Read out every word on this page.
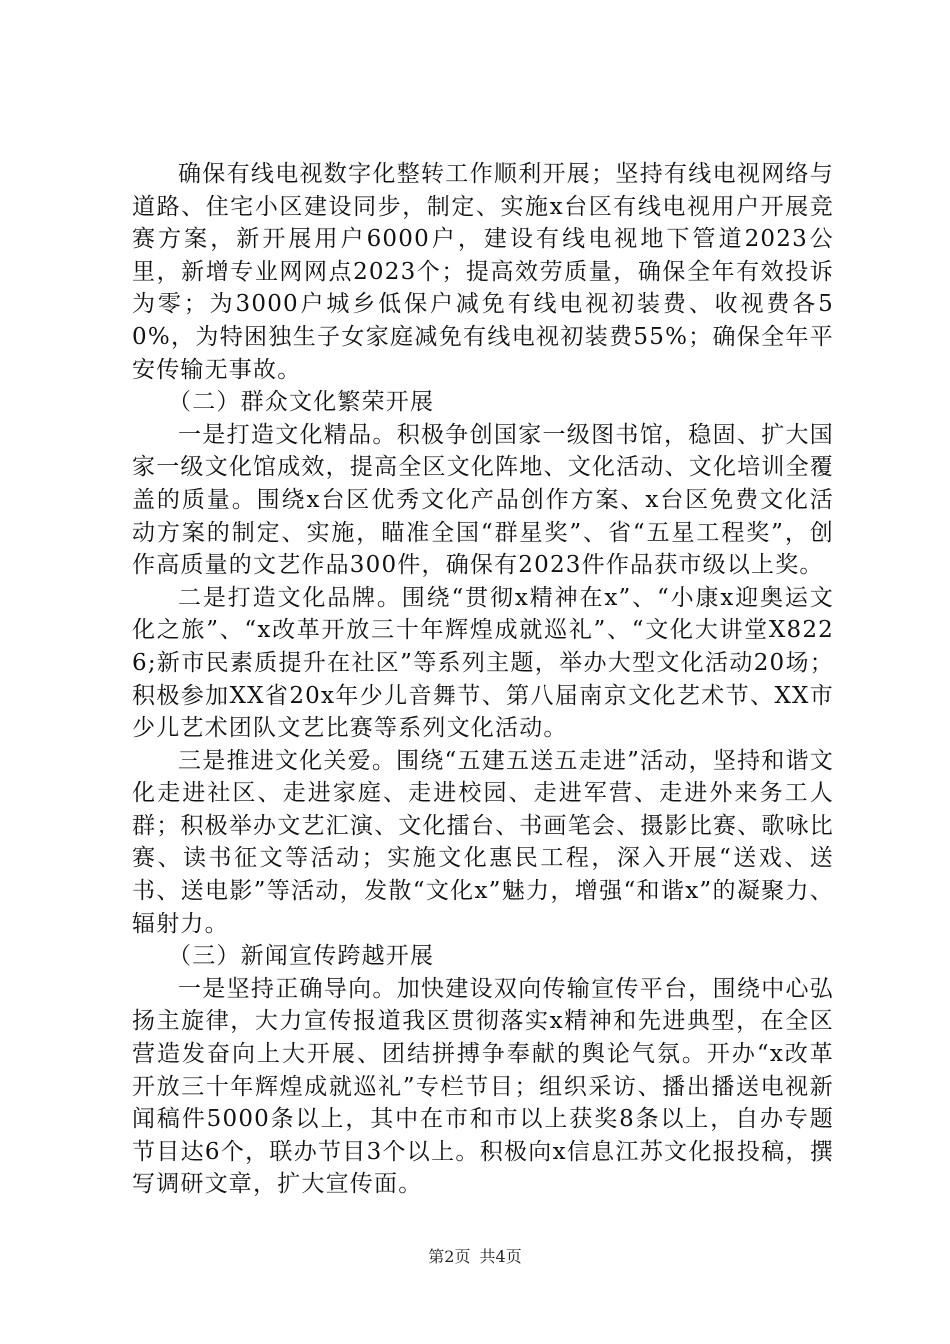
确保有线电视数字化整转工作顺利开展；坚持有线电视网络与道路、住宅小区建设同步，制定、实施x台区有线电视用户开展竞赛方案，新开展用户6000户，建设有线电视地下管道2023公里，新增专业网网点2023个；提高效劳质量，确保全年有效投诉为零；为3000户城乡低保户减免有线电视初装费、收视费各50%，为特困独生子女家庭减免有线电视初装费55%；确保全年平安传输无事故。

（二）群众文化繁荣开展

一是打造文化精品。积极争创国家一级图书馆，稳固、扩大国家一级文化馆成效，提高全区文化阵地、文化活动、文化培训全覆盖的质量。围绕x台区优秀文化产品创作方案、x台区免费文化活动方案的制定、实施，瞄准全国“群星奖”、省“五星工程奖”，创作高质量的文艺作品300件，确保有2023件作品获市级以上奖。

二是打造文化品牌。围绕“贯彻x精神在x”、“小康x迎奥运文化之旅”、“x改革开放三十年辉煌成就巡礼”、“文化大讲堂X8226;新市民素质提升在社区”等系列主题，举办大型文化活动20场；积极参加XX省20x年少儿音舞节、第八届南京文化艺术节、XX市少儿艺术团队文艺比赛等系列文化活动。

三是推进文化关爱。围绕“五建五送五走进”活动，坚持和谐文化走进社区、走进家庭、走进校园、走进军营、走进外来务工人群；积极举办文艺汇演、文化擂台、书画笔会、摄影比赛、歌咏比赛、读书征文等活动；实施文化惠民工程，深入开展“送戏、送书、送电影”等活动，发散“文化x”魅力，增强“和谐x”的凝聚力、辐射力。

（三）新闻宣传跨越开展

一是坚持正确导向。加快建设双向传输宣传平台，围绕中心弘扬主旋律，大力宣传报道我区贯彻落实x精神和先进典型，在全区营造发奋向上大开展、团结拼搏争奉献的舆论气氛。开办“x改革开放三十年辉煌成就巡礼”专栏节目；组织采访、播出播送电视新闻稿件5000条以上，其中在市和市以上获奖8条以上，自办专题节目达6个，联办节目3个以上。积极向x信息江苏文化报投稿，撰写调研文章，扩大宣传面。

第2页 共4页
